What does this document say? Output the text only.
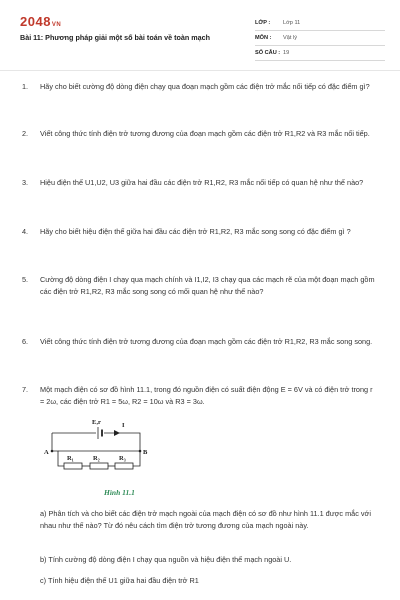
2048VN
Bài 11: Phương pháp giải một số bài toán về toàn mạch
LỚP :	Lớp 11
MÔN :	Vật lý
SỐ CÂU : 19
1.	Hãy cho biết cường độ dòng điện chạy qua đoạn mạch gồm các điện trở mắc nối tiếp có đặc điểm gì?
2.	Viết công thức tính điện trở tương đương của đoạn mạch gồm các điện trở R1,R2 và R3 mắc nối tiếp.
3.	Hiệu điện thế U1,U2, U3 giữa hai đầu các điện trở R1,R2, R3 mắc nối tiếp có quan hệ như thế nào?
4.	Hãy cho biết hiệu điện thế giữa hai đầu các điện trở R1,R2, R3 mắc song song có đặc điểm gì ?
5.	Cường độ dòng điện I chạy qua mạch chính và I1,I2, I3 chạy qua các mạch rẽ của một đoạn mạch gồm các điện trở R1,R2, R3 mắc song song có mối quan hệ như thế nào?
6.	Viết công thức tính điện trở tương đương của đoạn mạch gồm các điện trở R1,R2, R3 mắc song song.
7.	Một mạch điện có sơ đồ hình 11.1, trong đó nguồn điện có suất điện động E = 6V và có điện trở trong r = 2ω, các điện trở R1 = 5ω, R2 = 10ω và R3 = 3ω.
E,r	I
A	B
R₁	R₂	R₃
Hình 11.1
a) Phân tích và cho biết các điện trở mạch ngoài của mạch điện có sơ đồ như hình 11.1 được mắc với nhau như thế nào? Từ đó nêu cách tìm điện trở tương đương của mạch ngoài này.
b) Tính cường độ dòng điện I chạy qua nguồn và hiệu điện thế mạch ngoài U.
c) Tính hiệu điện thế U1 giữa hai đầu điện trở R1
